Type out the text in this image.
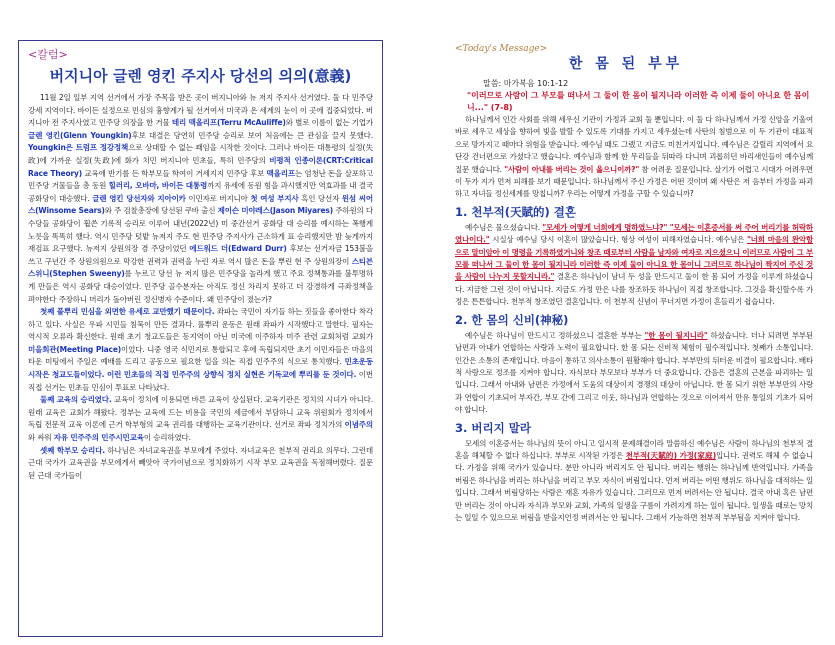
<칼럼>
버지니아 글렌 영킨 주지사 당선의 의의(意義)

11월 2일 일부 지역 선거에서 가장 주목을 받은 곳이 버지니아와 뉴 저지 주지사 선거였다. 둘 다 민주당 강세 지역이다. 바이든 실정으로 민심의 흉향계가 될 선거여서 미국과 온 세계의 눈이 이 곳에 집중되었다. 버지니아 전 주지사였고 민주당 의장을 한 거물 테리 맥올리프(Terru McAuliffe)와 별로 이름이 없는 기업가 글렌 영킨(Glenn Youngkin)후보 대결은 당연히 민주당 승리로 보여 처음에는 큰 관심을 끌지 못했다. Youngkin은 트럼프 정강정책으로 상대할 수 없는 꽤임을 시작한 것이다. 그러나 바이든 대통령의 실정(失政)에 가까운 실정(失政)에 화가 치민 버지니아 민초들, 특히 민주당의 비평적 인종이론(CRT:Critical Race Theory) 교육에 반기를 든 학부모들 학여이 거세지지 민주당 후보 맥올리프는 엄청난 돈을 살포하고 민주당 거물들을 총 동원 힐러리, 오바마, 바이든 대통령까지 유세에 동원 힘을 과시했지만 역효과를 내 결국 공화당이 대승했다. 글렌 영킨 당선자와 지아이카 이민자로 버지니아 첫 여성 부지사 흑인 당선자 윈섬 씨어스(Winsome Sears)와 주 검찰총장에 당선된 쿠바 출신 제이슨 미야레스(Jason Miyares) 주하원의 다수당들 공화당이 휩쓴 기록적 승리로 이루어 내년(2022년) 미 중간선거 공화당 대 승리를 예시하는 폭행계 노릇을 똑똑히 했다. 역시 민주당 텃밭 뉴저지 주도 현 민주당 주지사가 근소하게 표 승리했지만 밤 늦게까지 재검표 요구했다. 뉴저지 상원의장 겸 주당이었던 에드워드 더(Edward Durr) 후보는 선거자금 153불을 쓰고 구년간 주 상원의원으로 막강한 권력과 권력을 누린 자로 역시 많은 돈을 뿌린 현 주 상원의장이 스티븐 스위니(Stephen Sweeny)를 누르고 당선 뉴 저지 많은 민주당을 놀라게 했고 주요 정책통과를 불투명하게 만들은 역시 공화당 대승이었다. 민주당 골수분자는 아직도 정신 차리지 못하고 더 강경하게 극좌정책을 펴야한다 주장하니 머리가 돌아버린 정신병자 수준이다. 왜 민주당이 졌는가?

첫째 풀뿌리 민심을 외면한 유세로 교만했기 때문이다. 좌파는 국민이 자기들 하는 짓들을 좋아한다 착각하고 있다. 사실은 우파 시민들 침묵이 만든 결과다. 풀뿌리 운동은 원래 좌파가 시작했다고 말한다. 필자는 역시적 오류라 확신한다. 원래 초기 청교도들은 동지역이 아닌 미국에 이주하자 미주 관련 교회처럼 교회가 미을회관(Meeting Place)이었다. 니중 영국 식민지로 통합되고 후에 독립되지만 초기 이민자들은 마을의 타운 미팅에서 주일은 예배를 드리고 공동으로 필요한 일을 의논 직접 민주주의 식으로 통치했다. 민초운동 시작은 청교도들이었다. 이런 민초들의 직접 민주주의 상향식 정치 실현은 기독교에 뿌리를 둔 것이다. 이번 직접 선거는 민초들 민심이 투표로 나타났다.

둘째 교육의 승리였다. 교육이 정치에 이용되면 바른 교육이 상실된다. 교육기관은 정치의 시녀가 아니다. 원래 교육은 교회가 해왔다. 정부는 교육에 드는 비용을 국민의 세금에서 부담하니 교육 위원회가 정치에서 독립 전문적 교육 이론에 근거 학부형의 교육 권리를 대행하는 교육기관이다. 선거로 좌파 정치가의 이념주의와 싸워 자유 민주주의 민주시민교육이 승리하였다.

셋째 학부모 승리다. 하나님은 자녀교육권을 부모에게 주었다. 자녀교육은 천부적 권리요 의무다. 그런데 근대 국가가 교육권을 부모에게서 빼앗아 국가이념으로 정치화하기 시작 부모 교육권을 독점해버렸다. 질문된 근대 국가들이

<Today's Message>
한 몸 된 부부
말씀: 마가복음 10:1-12
"이러므로 사람이 그 부모를 떠나서 그 둘이 한 몸이 될지니라 이러한 즉 이제 둘이 아니요 한 몸이니..." (7-8)

하나님께서 인간 사회를 위해 세우신 기관이 가정과 교회 둘 뿐입니다. 이 둘 다 하나님께서 가정 신앙을 기울여 바로 세우고 세상을 향하여 빛을 발할 수 있도록 기대를 가지고 세우셨는데 사탄의 침범으로 이 두 기관이 대표적으로 망가지고 때마다 위험을 받습니다. 예수님 때도 그랬고 지금도 미친거지입니다. 예수님은 갈릴리 지역에서 요단강 건너편으로 가셨다고 했습니다. 예수님과 함께 한 무리들을 뒤따라 다니며 괴롭히던 바리새인들이 예수님께 질문 했습니다. "사람이 아내를 버리는 것이 옳으니이까?" 참 어려운 질문입니다. 살기가 어렵고 시대가 어려우면 이 두가 지가 먼저 피해를 보기 때문입니다. 하나님께서 주신 가정은 어떤 것이며 왜 사탄은 저 음부터 가정을 파괴하고 자녀들 정신세계를 망칩니까? 우리는 어떻게 가정을 구할 수 있습니까?

1. 천부적(天賦的) 결혼

예수님은 물으셨습니다. "모세가 어떻게 너희에게 명하였느냐?" "모세는 이혼증서를 써 주어 버리기를 허락하였나이다." 시실상 예수님 당시 이혼이 많았습니다. 형상 여성이 피해자였습니다. 예수님은 "너희 마음의 완악함으로 말미암아 이 명령을 기록하였거니와 창조 때로부터 사람을 남자와 여자로 지으셨으니 이러므로 사람이 그 부모를 떠나서 그 둘이 한 몸이 될지니라 이러한 즉 이제 둘이 아니요 한 몸이니 그러므로 하나님이 짝지어 주신 것을 사람이 나누지 못할지니라." 결혼은 하나님이 남녀 두 성을 만드시고 둘이 한 몸 되어 가정을 이루게 하셨습니다. 지금한 그런 것이 아닙니다. 지금도 가정 만은 나를 창조하듯 하나님이 직접 창조합니다. 그것을 확신할수록 가정은 튼튼합니다. 천부적 창조였던 결혼입니다. 이 천부적 신념이 무너지면 가정이 흔들리기 쉽습니다.

2. 한 몸의 신비(神秘)

예수님은 하나님이 만드시고 정하셨으니 결혼한 부부는 "한 몸이 될지니라" 하셨습니다. 더나 되려면 부부된 남편과 아내가 연합하는 사랑과 노력이 필요합니다. 한 몸 되는 신비적 체험이 필수적입니다. 첫째가 소통입니다. 인간은 소통의 존재입니다. 마음이 통하고 의사소통이 원활해야 합니다. 부부만의 뒤터운 비결이 필요합니다. 배타적 사랑으로 정조를 지켜야 합니다. 자식보다 부모보다 부부가 더 중요합니다. 간음은 결혼의 근본을 파괴하는 일입니다. 그래서 아내와 남편은 가정에서 도움의 대상이지 경쟁의 대상이 아닙니다. 한 몸 되기 위한 부부만의 사랑과 연합이 기초되어 부자간, 부모 간에 그리고 이웃, 하나님과 연합하는 것으로 이어져서 만유 통일의 기초가 되어야 합니다.

3. 버리지 말라

모세의 이혼증서는 하나님의 뜻이 아니고 일시적 문제해결이라 말씀하신 예수님은 사람이 하나님의 천부적 결혼을 해체할 수 없다 하십니다. 부부로 시작된 가정은 천부적(天賦的) 가정(家庭)입니다. 권력도 해체 수 없습니다. 가정을 위해 국가가 있습니다. 분만 아니라 버리지도 안 됩니다. 버리는 행위는 하나님께 반역입니다. 가족을 버림은 하나님을 버리는 하나님을 버리고 부모 자식이 버림입니다. 먼저 버리는 어떤 행위도 하나님을 대적하는 일입니다. 그래서 버림당하는 사람은 재혼 자유가 있습니다. 그러므로 먼저 버려서는 안 됩니다. 결국 아내 혹은 남편만 버리는 것이 아니라 자식과 부모와 교회, 가족의 일생을 구름이 가려지게 하는 일이 됩니다. 일생을 때로는 망치는 일일 수 있으므로 버림을 받을지언정 버려서는 안 됩니다. 그래서 가능하면 천부적 부부됨을 지켜야 합니다.
